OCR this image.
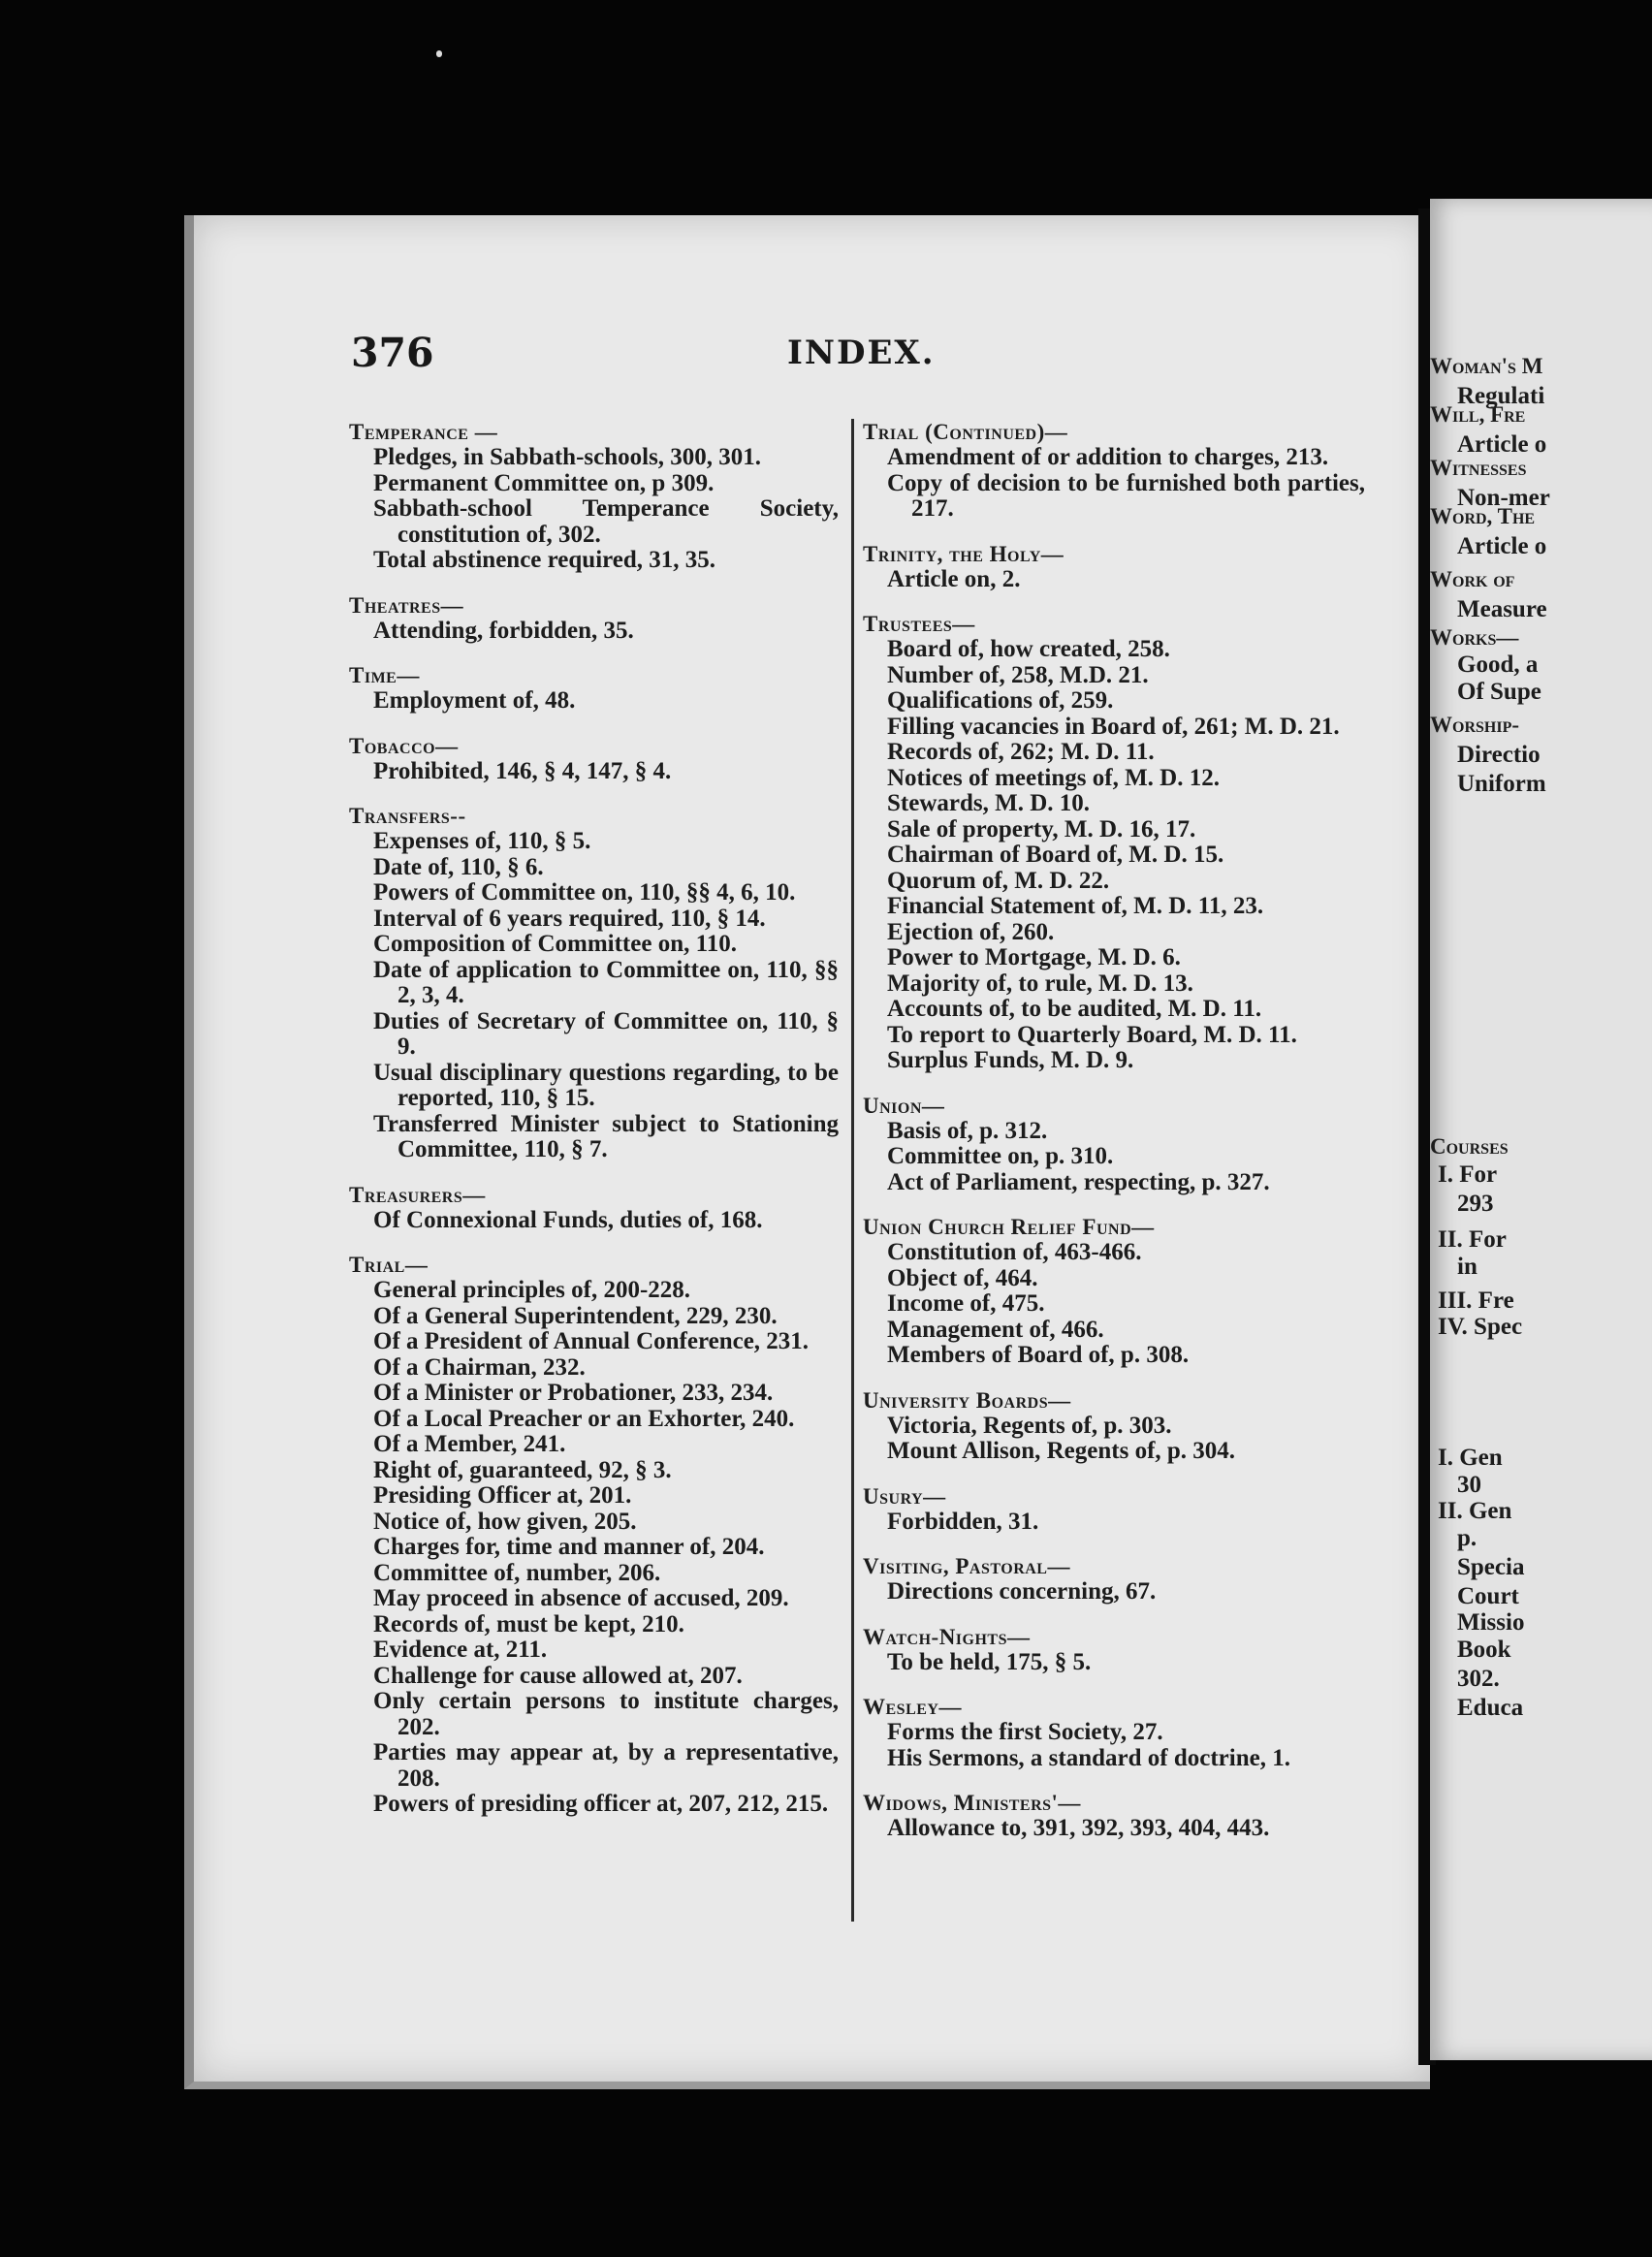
376	INDEX.
Temperance —
Pledges, in Sabbath-schools, 300, 301.
Permanent Committee on, p 309.
Sabbath-school Temperance Society, constitution of, 302.
Total abstinence required, 31, 35.
Theatres—
Attending, forbidden, 35.
Time—
Employment of, 48.
Tobacco—
Prohibited, 146, § 4, 147, § 4.
Transfers--
Expenses of, 110, § 5.
Date of, 110, § 6.
Powers of Committee on, 110, §§ 4, 6, 10.
Interval of 6 years required, 110, § 14.
Composition of Committee on, 110.
Date of application to Committee on, 110, §§ 2, 3, 4.
Duties of Secretary of Committee on, 110, § 9.
Usual disciplinary questions regarding, to be reported, 110, § 15.
Transferred Minister subject to Stationing Committee, 110, § 7.
Treasurers—
Of Connexional Funds, duties of, 168.
Trial—
General principles of, 200-228.
Of a General Superintendent, 229, 230.
Of a President of Annual Conference, 231.
Of a Chairman, 232.
Of a Minister or Probationer, 233, 234.
Of a Local Preacher or an Exhorter, 240.
Of a Member, 241.
Right of, guaranteed, 92, § 3.
Presiding Officer at, 201.
Notice of, how given, 205.
Charges for, time and manner of, 204.
Committee of, number, 206.
May proceed in absence of accused, 209.
Records of, must be kept, 210.
Evidence at, 211.
Challenge for cause allowed at, 207.
Only certain persons to institute charges, 202.
Parties may appear at, by a representative, 208.
Powers of presiding officer at, 207, 212, 215.
Trial (Continued)—
Amendment of or addition to charges, 213.
Copy of decision to be furnished both parties, 217.
Trinity, the Holy—
Article on, 2.
Trustees—
Board of, how created, 258.
Number of, 258, M.D. 21.
Qualifications of, 259.
Filling vacancies in Board of, 261; M. D. 21.
Records of, 262; M. D. 11.
Notices of meetings of, M. D. 12.
Stewards, M. D. 10.
Sale of property, M. D. 16, 17.
Chairman of Board of, M. D. 15.
Quorum of, M. D. 22.
Financial Statement of, M. D. 11, 23.
Ejection of, 260.
Power to Mortgage, M. D. 6.
Majority of, to rule, M. D. 13.
Accounts of, to be audited, M. D. 11.
To report to Quarterly Board, M. D. 11.
Surplus Funds, M. D. 9.
Union—
Basis of, p. 312.
Committee on, p. 310.
Act of Parliament, respecting, p. 327.
Union Church Relief Fund—
Constitution of, 463-466.
Object of, 464.
Income of, 475.
Management of, 466.
Members of Board of, p. 308.
University Boards—
Victoria, Regents of, p. 303.
Mount Allison, Regents of, p. 304.
Usury—
Forbidden, 31.
Visiting, Pastoral—
Directions concerning, 67.
Watch-Nights—
To be held, 175, § 5.
Wesley—
Forms the first Society, 27.
His Sermons, a standard of doctrine, 1.
Widows, Ministers'—
Allowance to, 391, 392, 393, 404, 443.
Woman's M
Regulati
Will, Fre
Article o
Witnesses
Non-mer
Word, The
Article o
Work of
Measure
Works—
Good, a
Of Supe
Worship-
Directio
Uniform
Courses
I. For
293
II. For
in
III. Fre
IV. Spec
I. Gen
30
II. Gen
p.
Specia
Court
Missio
Book
302.
Educa
